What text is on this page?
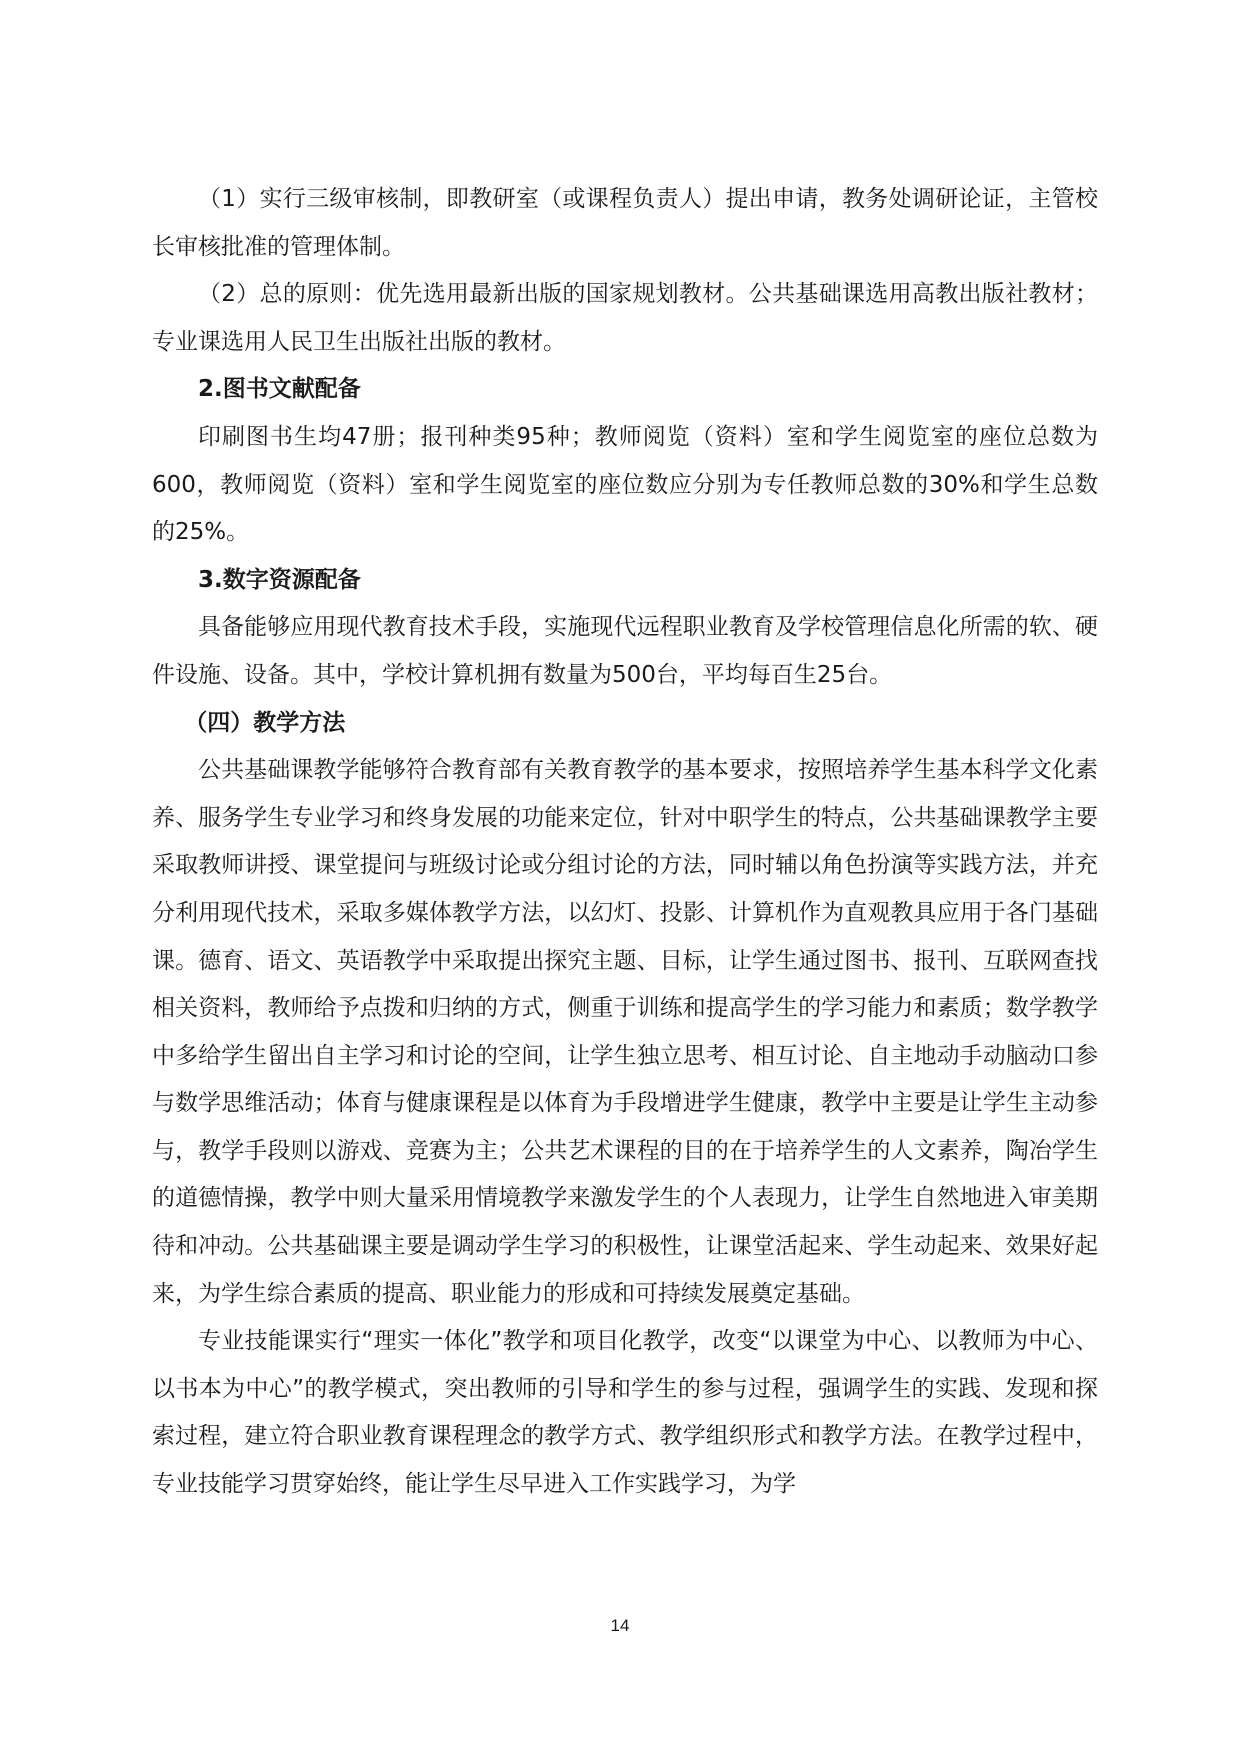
（1）实行三级审核制，即教研室（或课程负责人）提出申请，教务处调研论证，主管校长审核批准的管理体制。

（2）总的原则：优先选用最新出版的国家规划教材。公共基础课选用高教出版社教材；专业课选用人民卫生出版社出版的教材。

2.图书文献配备

印刷图书生均47册；报刊种类95种；教师阅览（资料）室和学生阅览室的座位总数为600，教师阅览（资料）室和学生阅览室的座位数应分别为专任教师总数的30%和学生总数的25%。

3.数字资源配备

具备能够应用现代教育技术手段，实施现代远程职业教育及学校管理信息化所需的软、硬件设施、设备。其中，学校计算机拥有数量为500台，平均每百生25台。

（四）教学方法

公共基础课教学能够符合教育部有关教育教学的基本要求，按照培养学生基本科学文化素养、服务学生专业学习和终身发展的功能来定位，针对中职学生的特点，公共基础课教学主要采取教师讲授、课堂提问与班级讨论或分组讨论的方法，同时辅以角色扮演等实践方法，并充分利用现代技术，采取多媒体教学方法，以幻灯、投影、计算机作为直观教具应用于各门基础课。德育、语文、英语教学中采取提出探究主题、目标，让学生通过图书、报刊、互联网查找相关资料，教师给予点拨和归纳的方式，侧重于训练和提高学生的学习能力和素质；数学教学中多给学生留出自主学习和讨论的空间，让学生独立思考、相互讨论、自主地动手动脑动口参与数学思维活动；体育与健康课程是以体育为手段增进学生健康，教学中主要是让学生主动参与，教学手段则以游戏、竞赛为主；公共艺术课程的目的在于培养学生的人文素养，陶冶学生的道德情操，教学中则大量采用情境教学来激发学生的个人表现力，让学生自然地进入审美期待和冲动。公共基础课主要是调动学生学习的积极性，让课堂活起来、学生动起来、效果好起来，为学生综合素质的提高、职业能力的形成和可持续发展奠定基础。

专业技能课实行“理实一体化”教学和项目化教学，改变“以课堂为中心、以教师为中心、以书本为中心”的教学模式，突出教师的引导和学生的参与过程，强调学生的实践、发现和探索过程，建立符合职业教育课程理念的教学方式、教学组织形式和教学方法。在教学过程中，专业技能学习贯穿始终，能让学生尽早进入工作实践学习，为学

14
